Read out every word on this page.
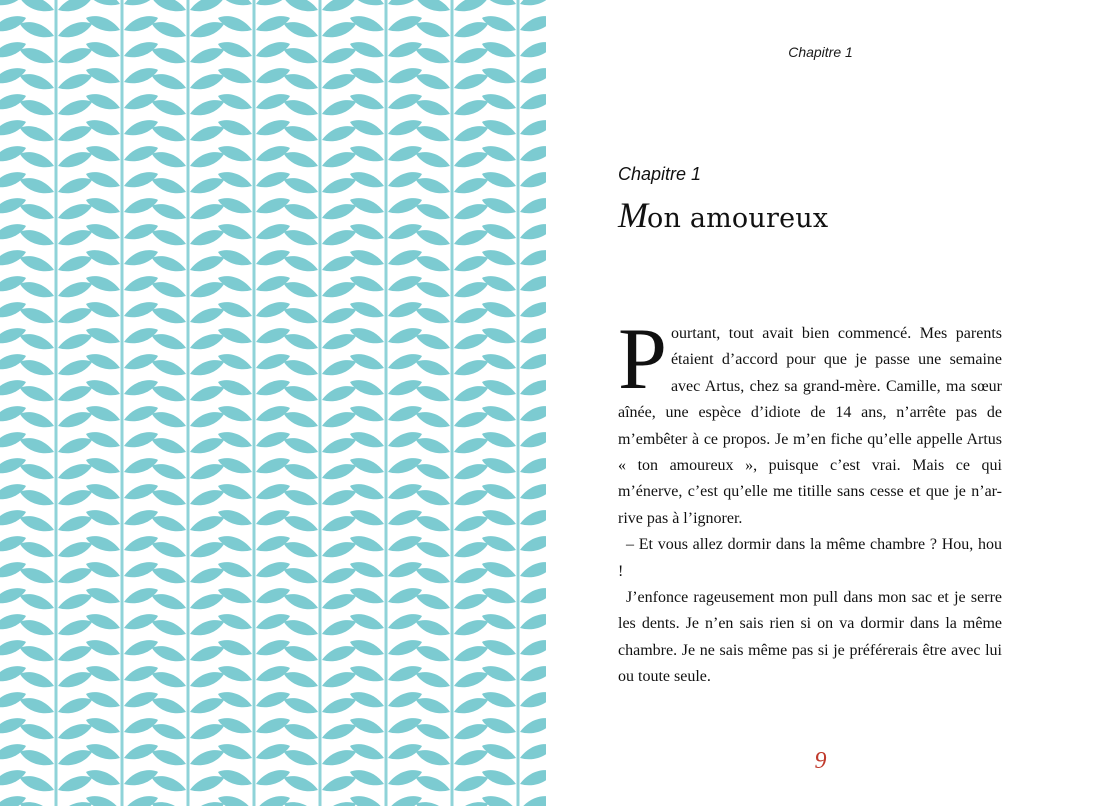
Chapitre 1
Chapitre 1
Mon amoureux

Pourtant, tout avait bien commencé. Mes parents étaient d’accord pour que je passe une semaine avec Artus, chez sa grand-mère. Camille, ma sœur aînée, une espèce d’idiote de 14 ans, n’arrête pas de m’embêter à ce propos. Je m’en fiche qu’elle appelle Artus « ton amoureux », puisque c’est vrai. Mais ce qui m’énerve, c’est qu’elle me titille sans cesse et que je n’ar-rive pas à l’ignorer.

– Et vous allez dormir dans la même chambre ? Hou, hou !

J’enfonce rageusement mon pull dans mon sac et je serre les dents. Je n’en sais rien si on va dormir dans la même chambre. Je ne sais même pas si je préférerais être avec lui ou toute seule.

9
